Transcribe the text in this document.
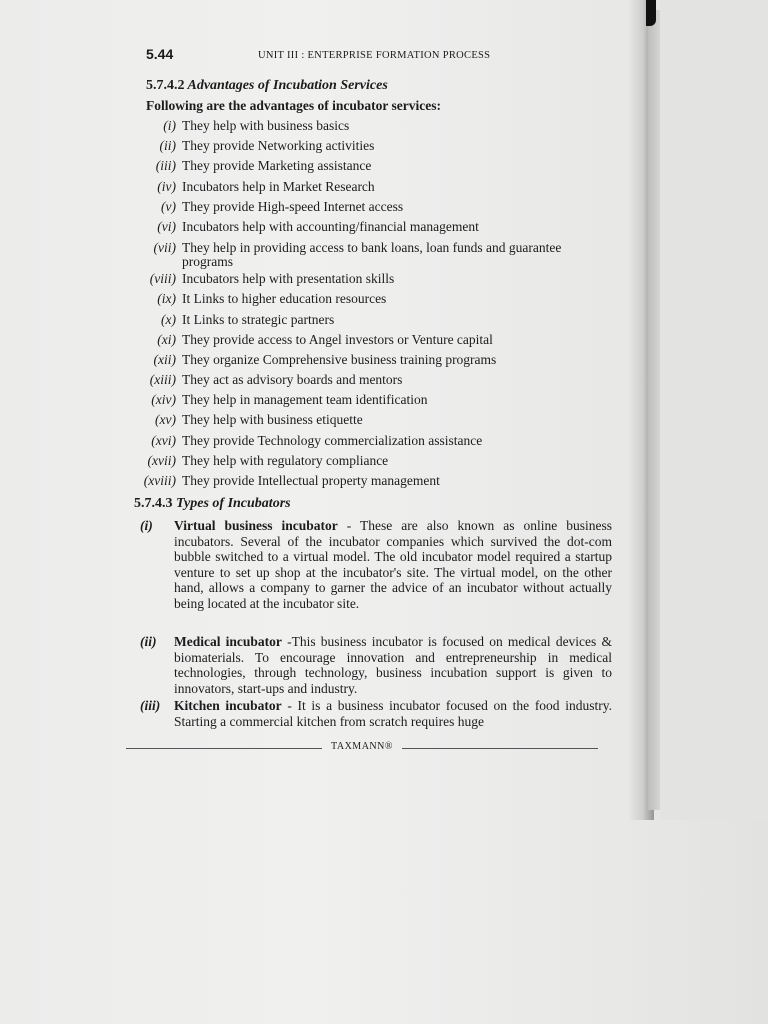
5.44	UNIT III : ENTERPRISE FORMATION PROCESS
5.7.4.2 Advantages of Incubation Services
Following are the advantages of incubator services:
(i) They help with business basics
(ii) They provide Networking activities
(iii) They provide Marketing assistance
(iv) Incubators help in Market Research
(v) They provide High-speed Internet access
(vi) Incubators help with accounting/financial management
(vii) They help in providing access to bank loans, loan funds and guarantee programs
(viii) Incubators help with presentation skills
(ix) It Links to higher education resources
(x) It Links to strategic partners
(xi) They provide access to Angel investors or Venture capital
(xii) They organize Comprehensive business training programs
(xiii) They act as advisory boards and mentors
(xiv) They help in management team identification
(xv) They help with business etiquette
(xvi) They provide Technology commercialization assistance
(xvii) They help with regulatory compliance
(xviii) They provide Intellectual property management
5.7.4.3 Types of Incubators
(i)	Virtual business incubator - These are also known as online business incubators. Several of the incubator companies which survived the dot-com bubble switched to a virtual model. The old incubator model required a startup venture to set up shop at the incubator's site. The virtual model, on the other hand, allows a company to garner the advice of an incubator without actually being located at the incubator site.
(ii)	Medical incubator -This business incubator is focused on medical devices & biomaterials. To encourage innovation and entrepreneurship in medical technologies, through technology, business incubation support is given to innovators, start-ups and industry.
(iii)	Kitchen incubator - It is a business incubator focused on the food industry. Starting a commercial kitchen from scratch requires huge
TAXMANN®
